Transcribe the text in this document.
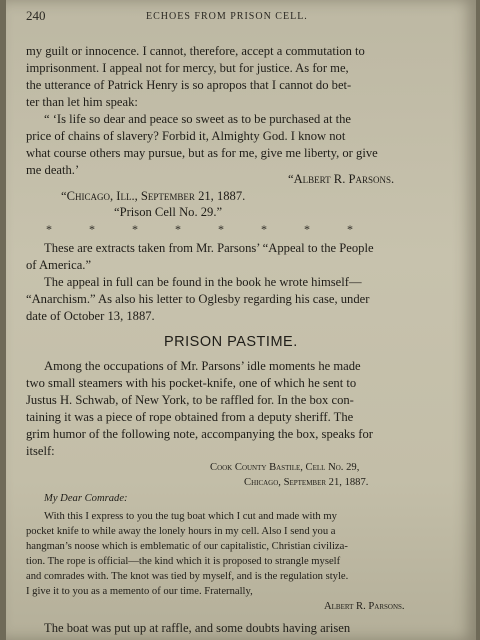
240	ECHOES FROM PRISON CELL.
my guilt or innocence. I cannot, therefore, accept a commutation to
imprisonment. I appeal not for mercy, but for justice. As for me,
the utterance of Patrick Henry is so apropos that I cannot do bet-
ter than let him speak:
“ ‘Is life so dear and peace so sweet as to be purchased at the
price of chains of slavery? Forbid it, Almighty God. I know not
what course others may pursue, but as for me, give me liberty, or give
me death.’
“Albert R. Parsons.
“Chicago, Ill., September 21, 1887.
“Prison Cell No. 29.”
* * * * * * * *
These are extracts taken from Mr. Parsons’ “Appeal to the People
of America.”
The appeal in full can be found in the book he wrote himself—
“Anarchism.” As also his letter to Oglesby regarding his case, under
date of October 13, 1887.
PRISON PASTIME.
Among the occupations of Mr. Parsons’ idle moments he made
two small steamers with his pocket-knife, one of which he sent to
Justus H. Schwab, of New York, to be raffled for. In the box con-
taining it was a piece of rope obtained from a deputy sheriff. The
grim humor of the following note, accompanying the box, speaks for
itself:
Cook County Bastile, Cell No. 29,
Chicago, September 21, 1887.
My Dear Comrade:
With this I express to you the tug boat which I cut and made with my
pocket knife to while away the lonely hours in my cell. Also I send you a
hangman’s noose which is emblematic of our capitalistic, Christian civiliza-
tion. The rope is official—the kind which it is proposed to strangle myself
and comrades with. The knot was tied by myself, and is the regulation style.
I give it to you as a memento of our time. Fraternally,
Albert R. Parsons.
The boat was put up at raffle, and some doubts having arisen
